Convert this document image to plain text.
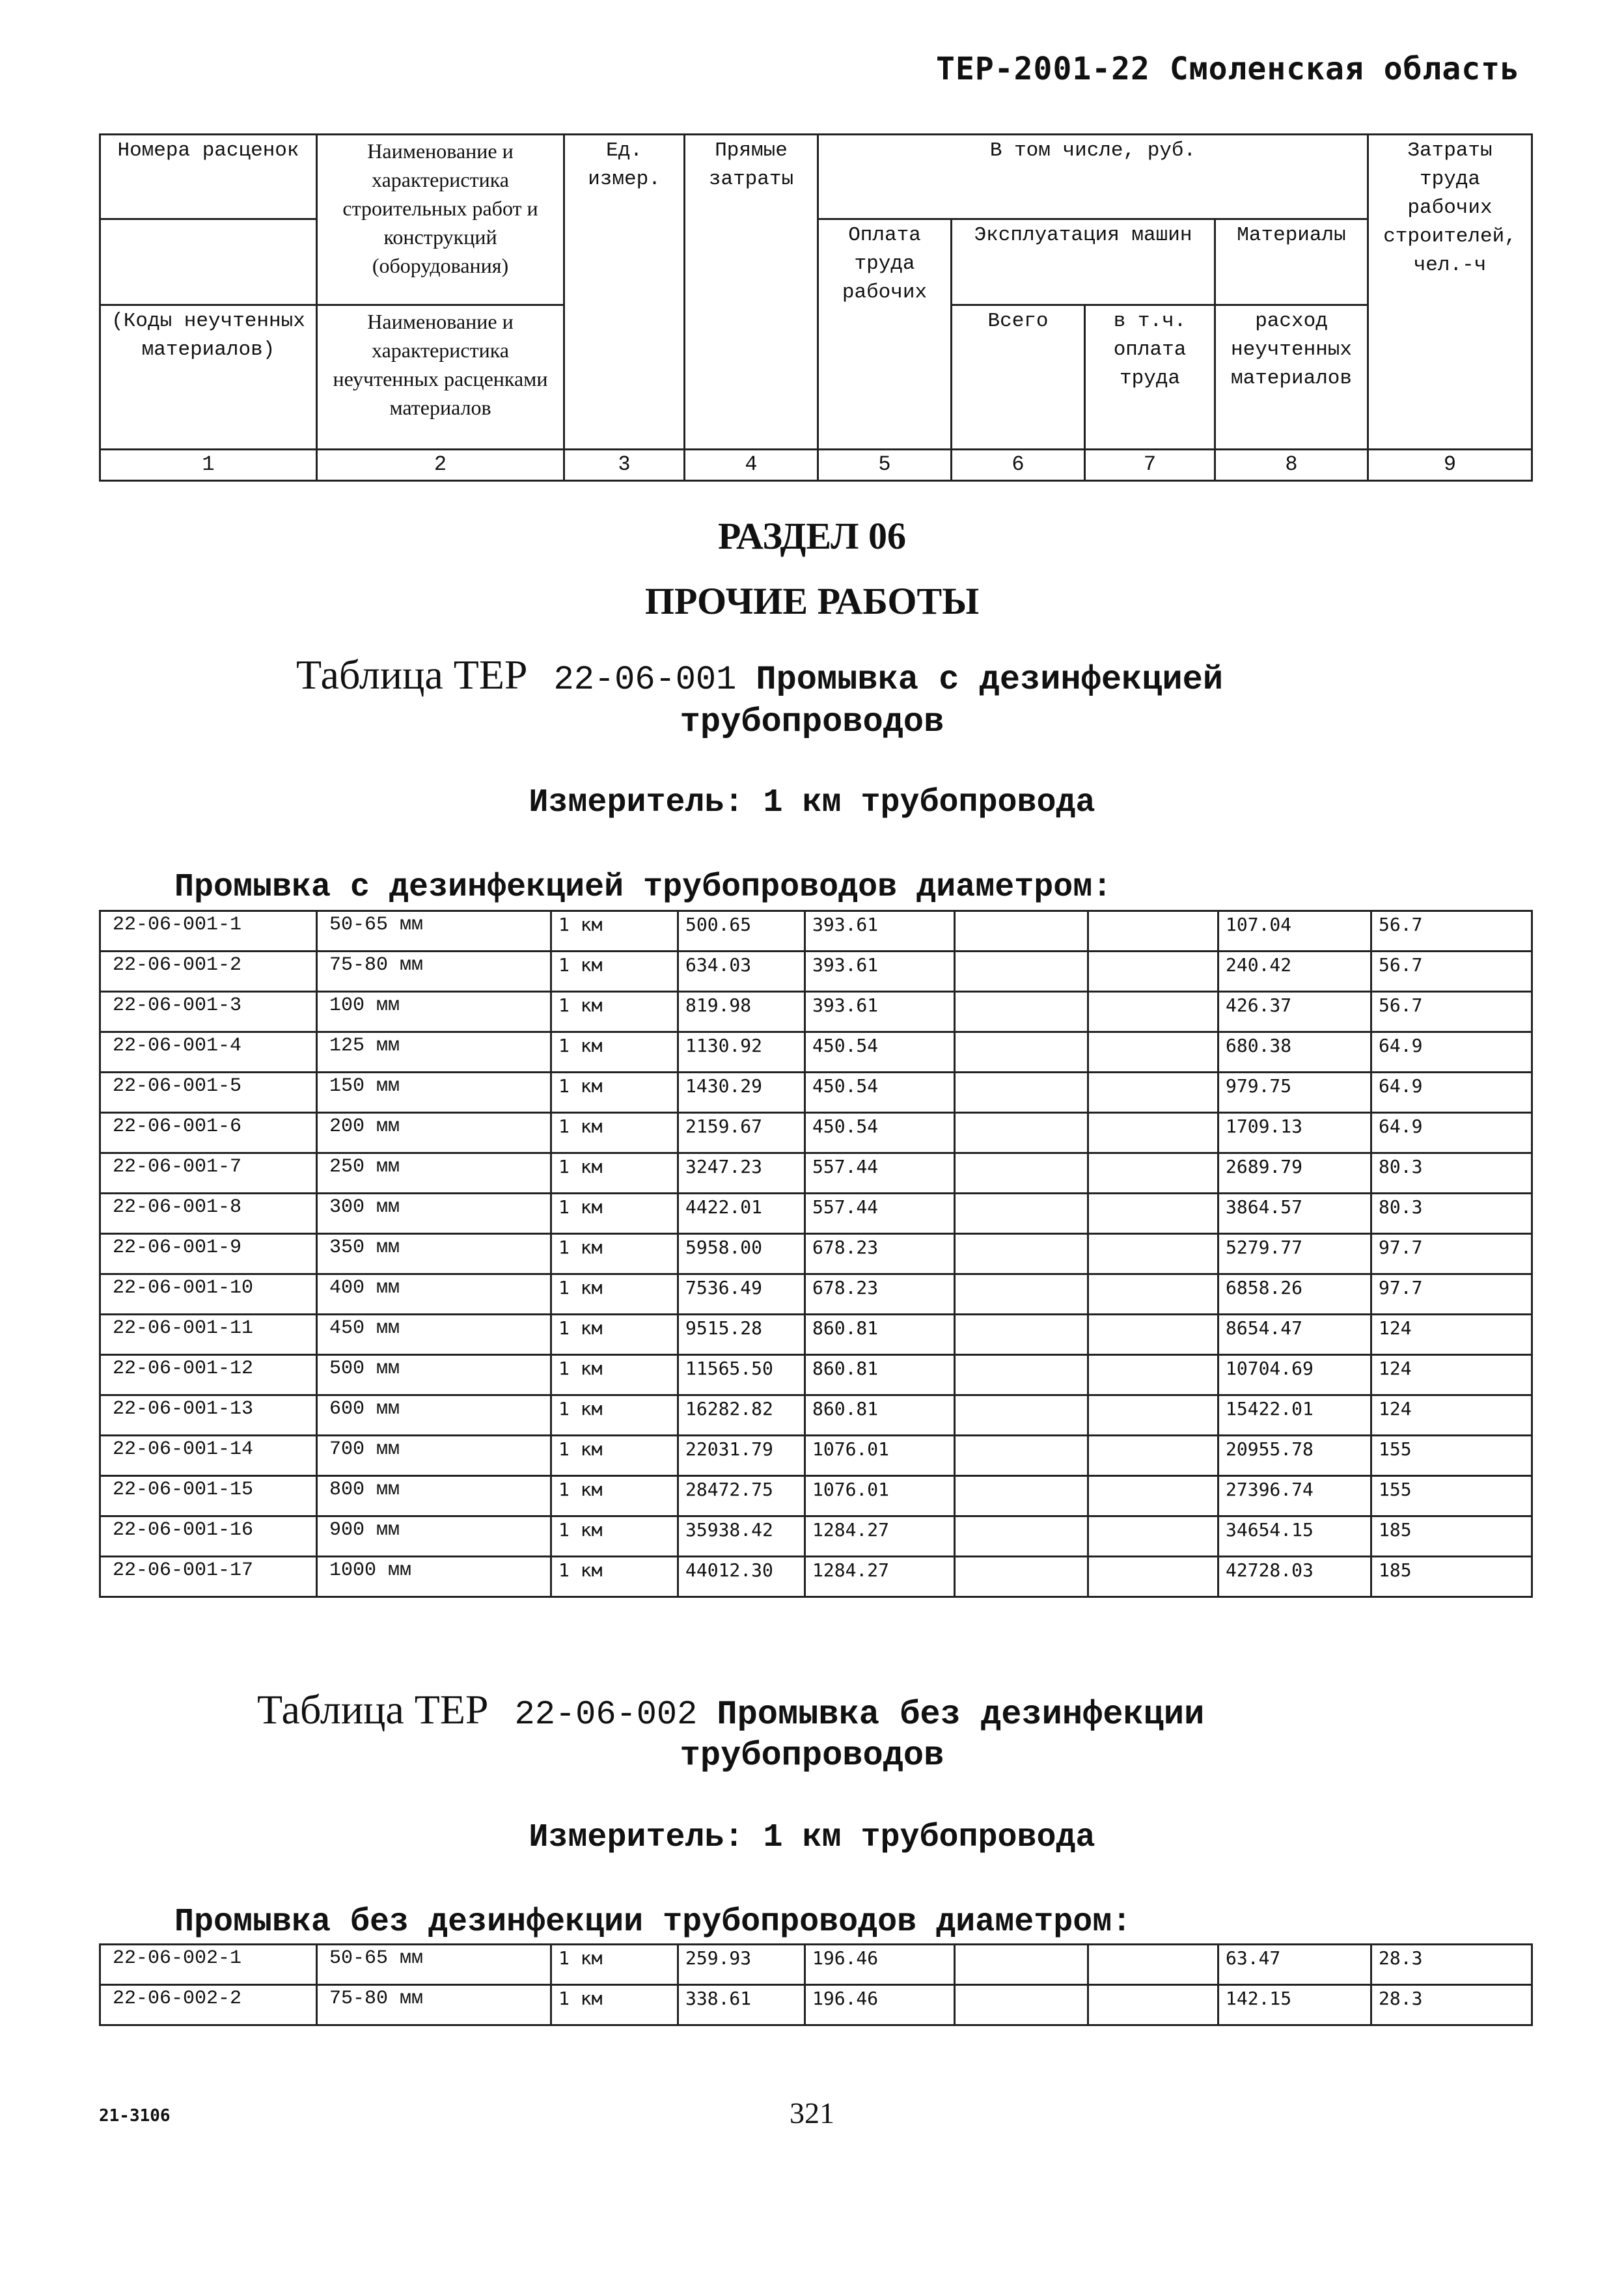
ТЕР-2001-22 Смоленская область
Номера расценок	Наименование и характеристика строительных работ и конструкций (оборудования)	Ед. измер.	Прямые затраты	В том числе, руб.				Затраты труда рабочих строителей, чел.-ч
				Оплата труда рабочих	Эксплуатация машин		Материалы	
(Коды неучтенных материалов)	Наименование и характеристика неучтенных расценками материалов				Всего	в т.ч. оплата труда	расход неучтенных материалов	
1	2	3	4	5	6	7	8	9
РАЗДЕЛ 06
ПРОЧИЕ РАБОТЫ
Таблица ТЕР 22-06-001 Промывка с дезинфекцией
трубопроводов
Измеритель: 1 км трубопровода
Промывка с дезинфекцией трубопроводов диаметром:
22-06-001-1	50-65 мм	1 км	500.65	393.61			107.04	56.7
22-06-001-2	75-80 мм	1 км	634.03	393.61			240.42	56.7
22-06-001-3	100 мм	1 км	819.98	393.61			426.37	56.7
22-06-001-4	125 мм	1 км	1130.92	450.54			680.38	64.9
22-06-001-5	150 мм	1 км	1430.29	450.54			979.75	64.9
22-06-001-6	200 мм	1 км	2159.67	450.54			1709.13	64.9
22-06-001-7	250 мм	1 км	3247.23	557.44			2689.79	80.3
22-06-001-8	300 мм	1 км	4422.01	557.44			3864.57	80.3
22-06-001-9	350 мм	1 км	5958.00	678.23			5279.77	97.7
22-06-001-10	400 мм	1 км	7536.49	678.23			6858.26	97.7
22-06-001-11	450 мм	1 км	9515.28	860.81			8654.47	124
22-06-001-12	500 мм	1 км	11565.50	860.81			10704.69	124
22-06-001-13	600 мм	1 км	16282.82	860.81			15422.01	124
22-06-001-14	700 мм	1 км	22031.79	1076.01			20955.78	155
22-06-001-15	800 мм	1 км	28472.75	1076.01			27396.74	155
22-06-001-16	900 мм	1 км	35938.42	1284.27			34654.15	185
22-06-001-17	1000 мм	1 км	44012.30	1284.27			42728.03	185
Таблица ТЕР 22-06-002 Промывка без дезинфекции
трубопроводов
Измеритель: 1 км трубопровода
Промывка без дезинфекции трубопроводов диаметром:
22-06-002-1	50-65 мм	1 км	259.93	196.46			63.47	28.3
22-06-002-2	75-80 мм	1 км	338.61	196.46			142.15	28.3
21-3106	321
